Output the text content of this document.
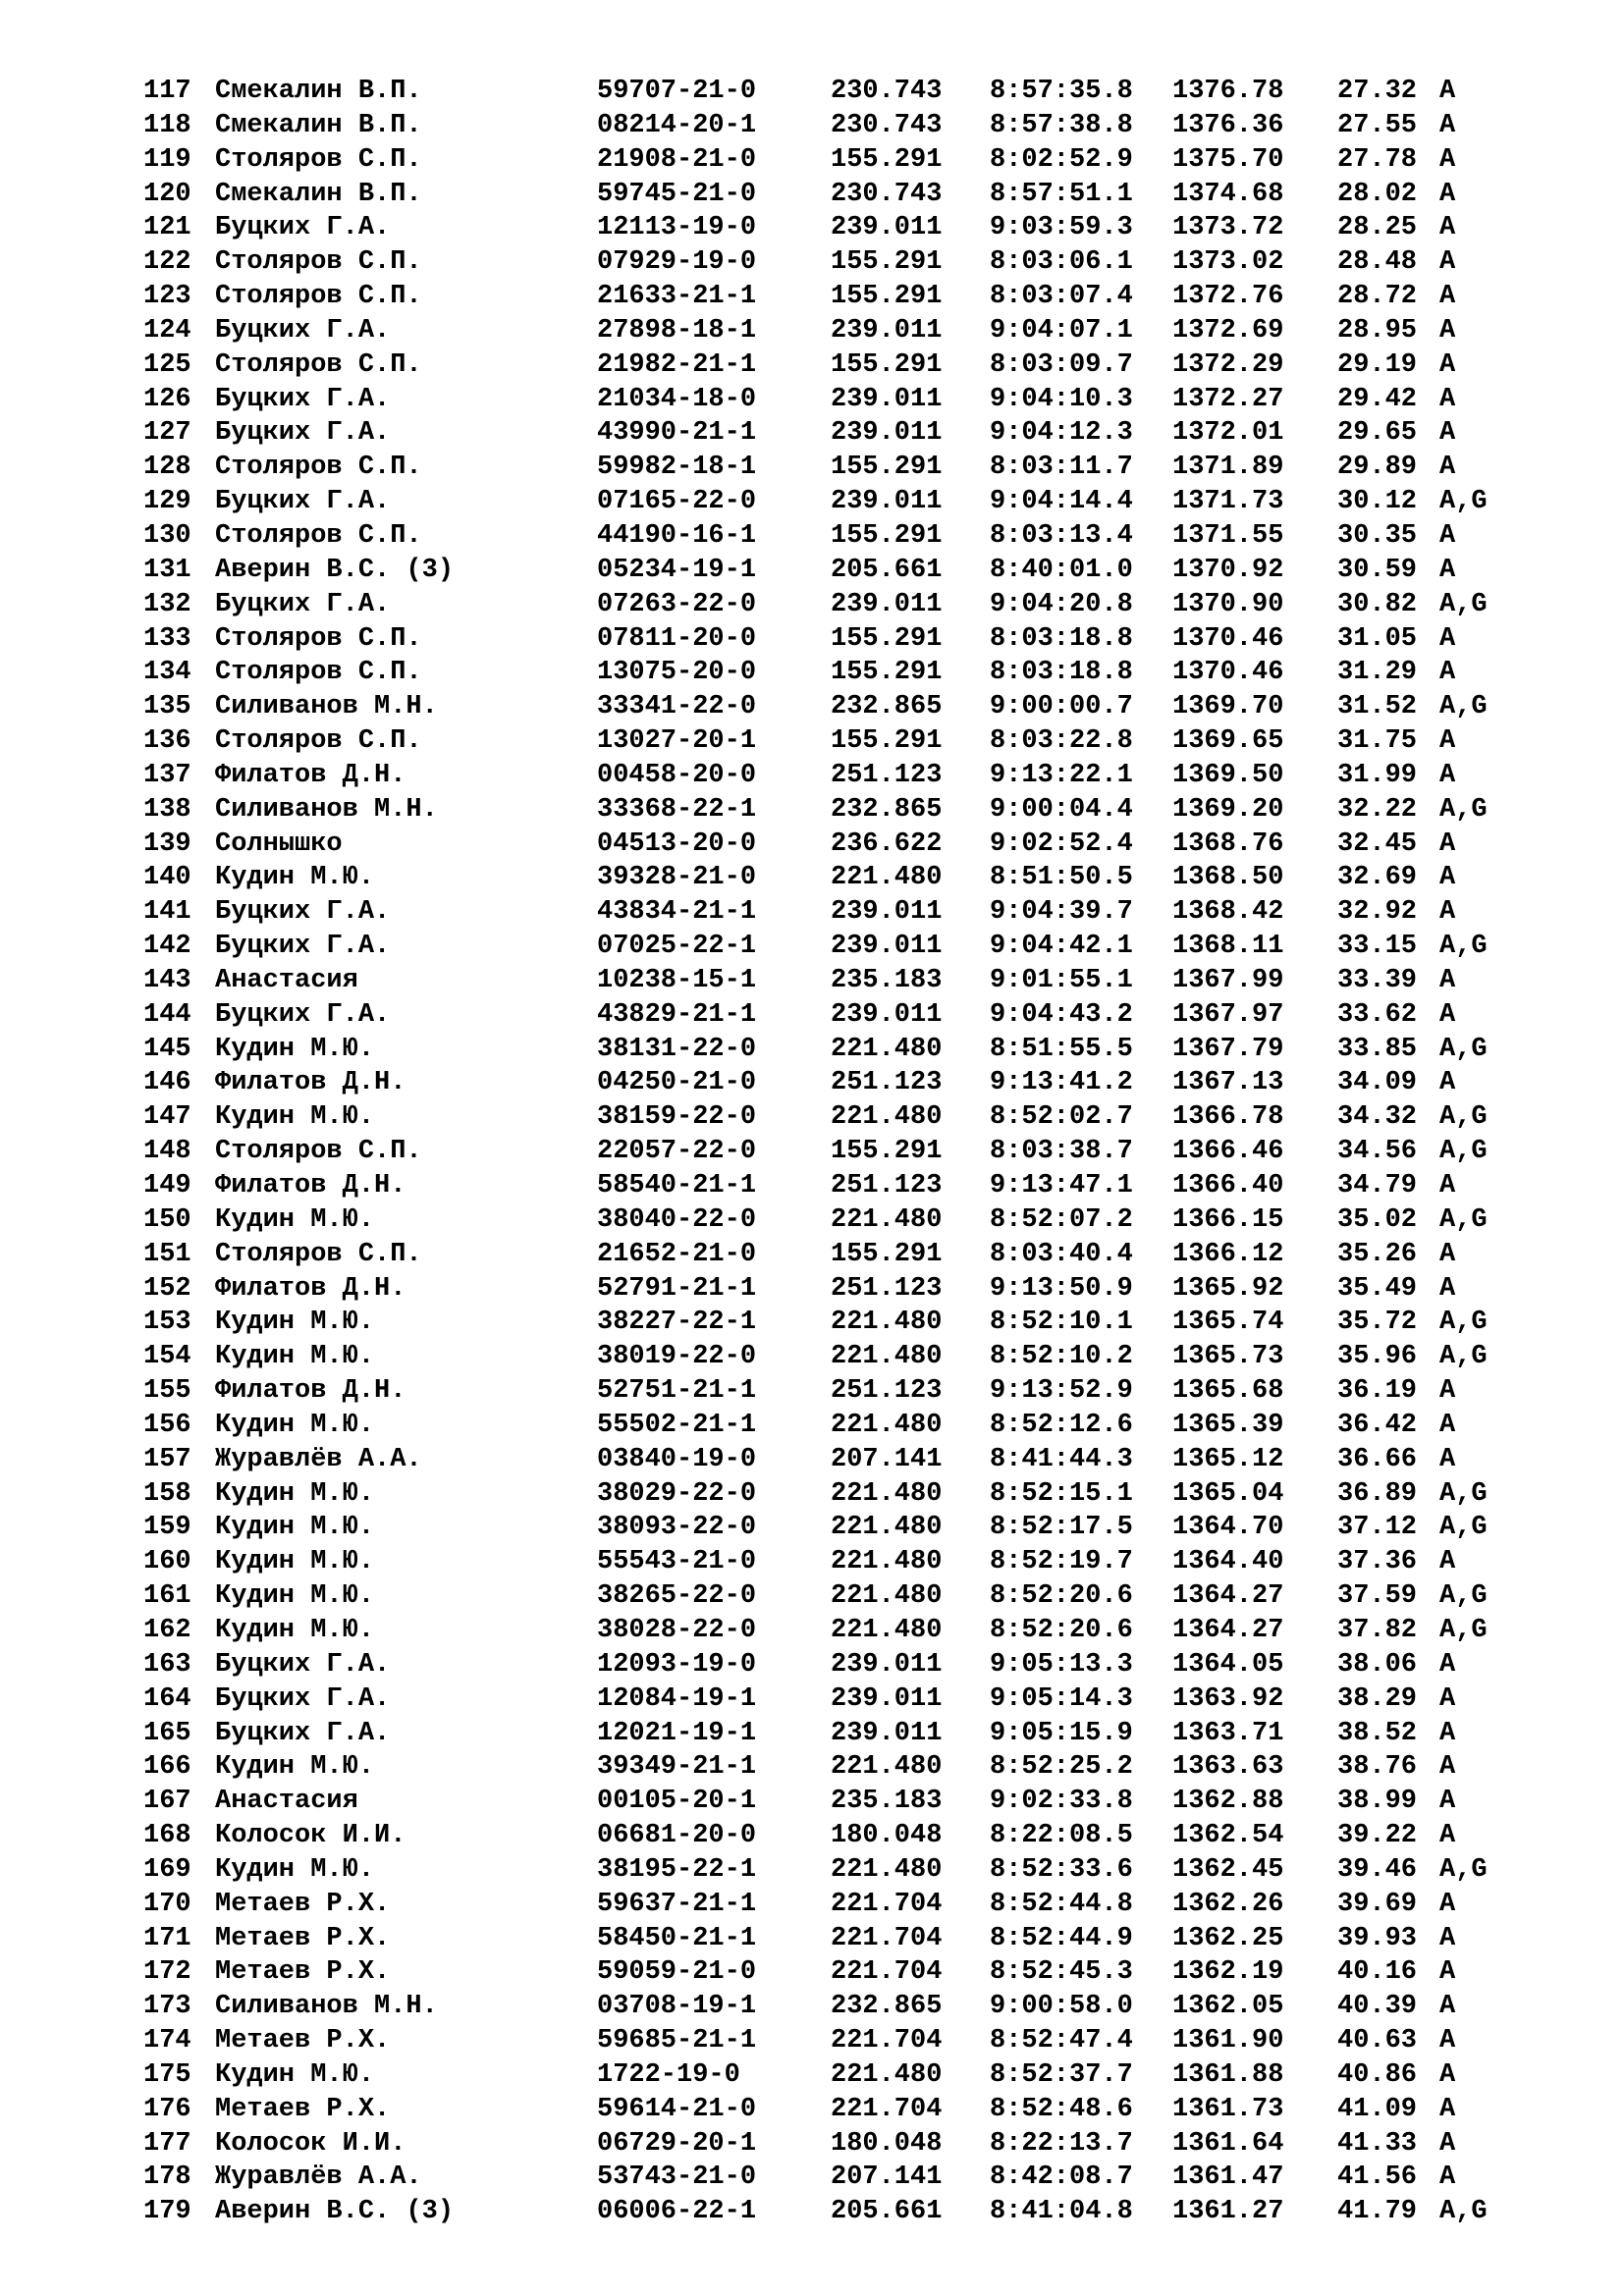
117 Смекалин В.П.	59707-21-0	230.743	8:57:35.8	1376.78	27.32 A
118 Смекалин В.П.	08214-20-1	230.743	8:57:38.8	1376.36	27.55 A
119 Столяров С.П.	21908-21-0	155.291	8:02:52.9	1375.70	27.78 A
120 Смекалин В.П.	59745-21-0	230.743	8:57:51.1	1374.68	28.02 A
121 Буцких Г.А.	12113-19-0	239.011	9:03:59.3	1373.72	28.25 A
122 Столяров С.П.	07929-19-0	155.291	8:03:06.1	1373.02	28.48 A
123 Столяров С.П.	21633-21-1	155.291	8:03:07.4	1372.76	28.72 A
124 Буцких Г.А.	27898-18-1	239.011	9:04:07.1	1372.69	28.95 A
125 Столяров С.П.	21982-21-1	155.291	8:03:09.7	1372.29	29.19 A
126 Буцких Г.А.	21034-18-0	239.011	9:04:10.3	1372.27	29.42 A
127 Буцких Г.А.	43990-21-1	239.011	9:04:12.3	1372.01	29.65 A
128 Столяров С.П.	59982-18-1	155.291	8:03:11.7	1371.89	29.89 A
129 Буцких Г.А.	07165-22-0	239.011	9:04:14.4	1371.73	30.12 A,G
130 Столяров С.П.	44190-16-1	155.291	8:03:13.4	1371.55	30.35 A
131 Аверин В.С. (3)	05234-19-1	205.661	8:40:01.0	1370.92	30.59 A
132 Буцких Г.А.	07263-22-0	239.011	9:04:20.8	1370.90	30.82 A,G
133 Столяров С.П.	07811-20-0	155.291	8:03:18.8	1370.46	31.05 A
134 Столяров С.П.	13075-20-0	155.291	8:03:18.8	1370.46	31.29 A
135 Силиванов М.Н.	33341-22-0	232.865	9:00:00.7	1369.70	31.52 A,G
136 Столяров С.П.	13027-20-1	155.291	8:03:22.8	1369.65	31.75 A
137 Филатов Д.Н.	00458-20-0	251.123	9:13:22.1	1369.50	31.99 A
138 Силиванов М.Н.	33368-22-1	232.865	9:00:04.4	1369.20	32.22 A,G
139 Солнышко	04513-20-0	236.622	9:02:52.4	1368.76	32.45 A
140 Кудин М.Ю.	39328-21-0	221.480	8:51:50.5	1368.50	32.69 A
141 Буцких Г.А.	43834-21-1	239.011	9:04:39.7	1368.42	32.92 A
142 Буцких Г.А.	07025-22-1	239.011	9:04:42.1	1368.11	33.15 A,G
143 Анастасия	10238-15-1	235.183	9:01:55.1	1367.99	33.39 A
144 Буцких Г.А.	43829-21-1	239.011	9:04:43.2	1367.97	33.62 A
145 Кудин М.Ю.	38131-22-0	221.480	8:51:55.5	1367.79	33.85 A,G
146 Филатов Д.Н.	04250-21-0	251.123	9:13:41.2	1367.13	34.09 A
147 Кудин М.Ю.	38159-22-0	221.480	8:52:02.7	1366.78	34.32 A,G
148 Столяров С.П.	22057-22-0	155.291	8:03:38.7	1366.46	34.56 A,G
149 Филатов Д.Н.	58540-21-1	251.123	9:13:47.1	1366.40	34.79 A
150 Кудин М.Ю.	38040-22-0	221.480	8:52:07.2	1366.15	35.02 A,G
151 Столяров С.П.	21652-21-0	155.291	8:03:40.4	1366.12	35.26 A
152 Филатов Д.Н.	52791-21-1	251.123	9:13:50.9	1365.92	35.49 A
153 Кудин М.Ю.	38227-22-1	221.480	8:52:10.1	1365.74	35.72 A,G
154 Кудин М.Ю.	38019-22-0	221.480	8:52:10.2	1365.73	35.96 A,G
155 Филатов Д.Н.	52751-21-1	251.123	9:13:52.9	1365.68	36.19 A
156 Кудин М.Ю.	55502-21-1	221.480	8:52:12.6	1365.39	36.42 A
157 Журавлёв А.А.	03840-19-0	207.141	8:41:44.3	1365.12	36.66 A
158 Кудин М.Ю.	38029-22-0	221.480	8:52:15.1	1365.04	36.89 A,G
159 Кудин М.Ю.	38093-22-0	221.480	8:52:17.5	1364.70	37.12 A,G
160 Кудин М.Ю.	55543-21-0	221.480	8:52:19.7	1364.40	37.36 A
161 Кудин М.Ю.	38265-22-0	221.480	8:52:20.6	1364.27	37.59 A,G
162 Кудин М.Ю.	38028-22-0	221.480	8:52:20.6	1364.27	37.82 A,G
163 Буцких Г.А.	12093-19-0	239.011	9:05:13.3	1364.05	38.06 A
164 Буцких Г.А.	12084-19-1	239.011	9:05:14.3	1363.92	38.29 A
165 Буцких Г.А.	12021-19-1	239.011	9:05:15.9	1363.71	38.52 A
166 Кудин М.Ю.	39349-21-1	221.480	8:52:25.2	1363.63	38.76 A
167 Анастасия	00105-20-1	235.183	9:02:33.8	1362.88	38.99 A
168 Колосок И.И.	06681-20-0	180.048	8:22:08.5	1362.54	39.22 A
169 Кудин М.Ю.	38195-22-1	221.480	8:52:33.6	1362.45	39.46 A,G
170 Метаев Р.Х.	59637-21-1	221.704	8:52:44.8	1362.26	39.69 A
171 Метаев Р.Х.	58450-21-1	221.704	8:52:44.9	1362.25	39.93 A
172 Метаев Р.Х.	59059-21-0	221.704	8:52:45.3	1362.19	40.16 A
173 Силиванов М.Н.	03708-19-1	232.865	9:00:58.0	1362.05	40.39 A
174 Метаев Р.Х.	59685-21-1	221.704	8:52:47.4	1361.90	40.63 A
175 Кудин М.Ю.	1722-19-0	221.480	8:52:37.7	1361.88	40.86 A
176 Метаев Р.Х.	59614-21-0	221.704	8:52:48.6	1361.73	41.09 A
177 Колосок И.И.	06729-20-1	180.048	8:22:13.7	1361.64	41.33 A
178 Журавлёв А.А.	53743-21-0	207.141	8:42:08.7	1361.47	41.56 A
179 Аверин В.С. (3)	06006-22-1	205.661	8:41:04.8	1361.27	41.79 A,G
